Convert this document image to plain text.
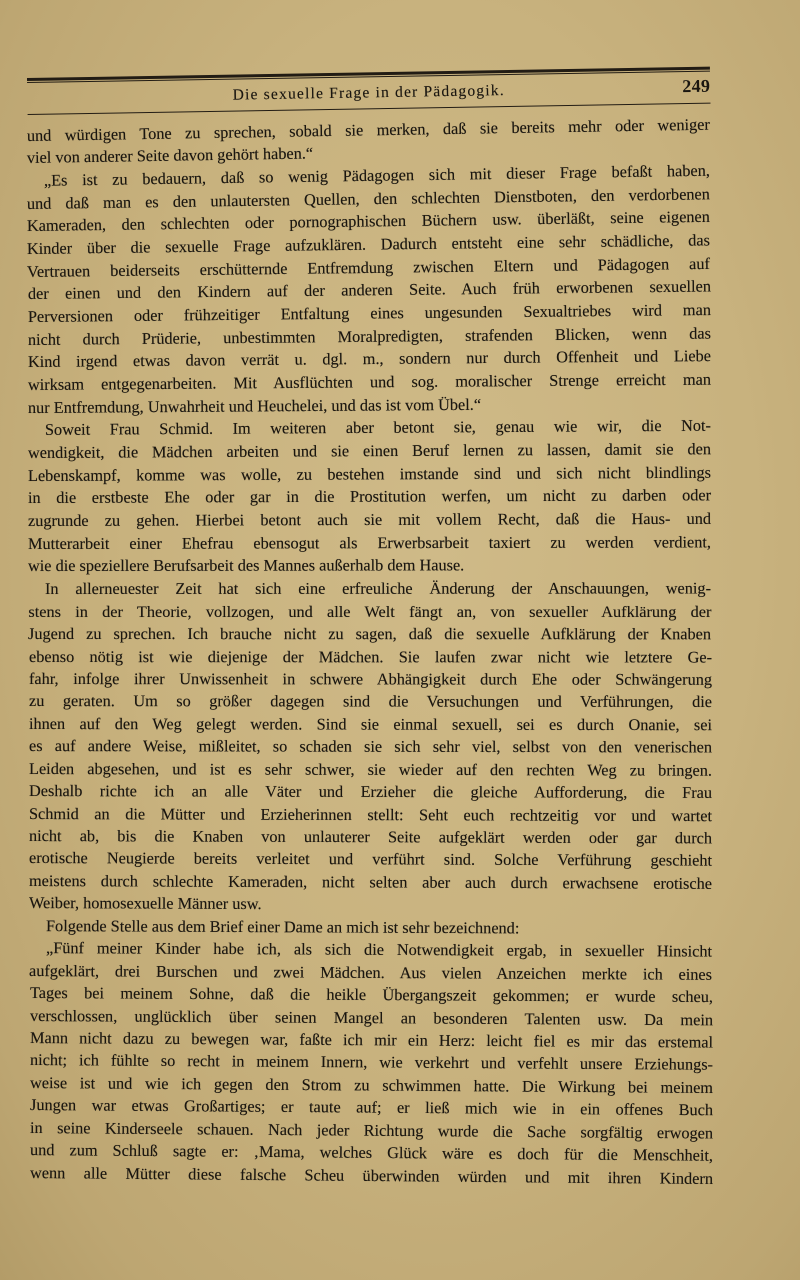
Die sexuelle Frage in der Pädagogik.	249
und würdigen Tone zu sprechen, sobald sie merken, daß sie bereits mehr oder weniger
viel von anderer Seite davon gehört haben.“
„Es ist zu bedauern, daß so wenig Pädagogen sich mit dieser Frage befaßt haben,
und daß man es den unlautersten Quellen, den schlechten Dienstboten, den verdorbenen
Kameraden, den schlechten oder pornographischen Büchern usw. überläßt, seine eigenen
Kinder über die sexuelle Frage aufzuklären. Dadurch entsteht eine sehr schädliche, das
Vertrauen beiderseits erschütternde Entfremdung zwischen Eltern und Pädagogen auf
der einen und den Kindern auf der anderen Seite. Auch früh erworbenen sexuellen
Perversionen oder frühzeitiger Entfaltung eines ungesunden Sexualtriebes wird man
nicht durch Prüderie, unbestimmten Moralpredigten, strafenden Blicken, wenn das
Kind irgend etwas davon verrät u. dgl. m., sondern nur durch Offenheit und Liebe
wirksam entgegenarbeiten. Mit Ausflüchten und sog. moralischer Strenge erreicht man
nur Entfremdung, Unwahrheit und Heuchelei, und das ist vom Übel.“
Soweit Frau Schmid. Im weiteren aber betont sie, genau wie wir, die Not-
wendigkeit, die Mädchen arbeiten und sie einen Beruf lernen zu lassen, damit sie den
Lebenskampf, komme was wolle, zu bestehen imstande sind und sich nicht blindlings
in die erstbeste Ehe oder gar in die Prostitution werfen, um nicht zu darben oder
zugrunde zu gehen. Hierbei betont auch sie mit vollem Recht, daß die Haus- und
Mutterarbeit einer Ehefrau ebensogut als Erwerbsarbeit taxiert zu werden verdient,
wie die speziellere Berufsarbeit des Mannes außerhalb dem Hause.
In allerneuester Zeit hat sich eine erfreuliche Änderung der Anschauungen, wenig-
stens in der Theorie, vollzogen, und alle Welt fängt an, von sexueller Aufklärung der
Jugend zu sprechen. Ich brauche nicht zu sagen, daß die sexuelle Aufklärung der Knaben
ebenso nötig ist wie diejenige der Mädchen. Sie laufen zwar nicht wie letztere Ge-
fahr, infolge ihrer Unwissenheit in schwere Abhängigkeit durch Ehe oder Schwängerung
zu geraten. Um so größer dagegen sind die Versuchungen und Verführungen, die
ihnen auf den Weg gelegt werden. Sind sie einmal sexuell, sei es durch Onanie, sei
es auf andere Weise, mißleitet, so schaden sie sich sehr viel, selbst von den venerischen
Leiden abgesehen, und ist es sehr schwer, sie wieder auf den rechten Weg zu bringen.
Deshalb richte ich an alle Väter und Erzieher die gleiche Aufforderung, die Frau
Schmid an die Mütter und Erzieherinnen stellt: Seht euch rechtzeitig vor und wartet
nicht ab, bis die Knaben von unlauterer Seite aufgeklärt werden oder gar durch
erotische Neugierde bereits verleitet und verführt sind. Solche Verführung geschieht
meistens durch schlechte Kameraden, nicht selten aber auch durch erwachsene erotische
Weiber, homosexuelle Männer usw.
Folgende Stelle aus dem Brief einer Dame an mich ist sehr bezeichnend:
„Fünf meiner Kinder habe ich, als sich die Notwendigkeit ergab, in sexueller Hinsicht
aufgeklärt, drei Burschen und zwei Mädchen. Aus vielen Anzeichen merkte ich eines
Tages bei meinem Sohne, daß die heikle Übergangszeit gekommen; er wurde scheu,
verschlossen, unglücklich über seinen Mangel an besonderen Talenten usw. Da mein
Mann nicht dazu zu bewegen war, faßte ich mir ein Herz: leicht fiel es mir das erstemal
nicht; ich fühlte so recht in meinem Innern, wie verkehrt und verfehlt unsere Erziehungs-
weise ist und wie ich gegen den Strom zu schwimmen hatte. Die Wirkung bei meinem
Jungen war etwas Großartiges; er taute auf; er ließ mich wie in ein offenes Buch
in seine Kinderseele schauen. Nach jeder Richtung wurde die Sache sorgfältig erwogen
und zum Schluß sagte er: ‚Mama, welches Glück wäre es doch für die Menschheit,
wenn alle Mütter diese falsche Scheu überwinden würden und mit ihren Kindern
